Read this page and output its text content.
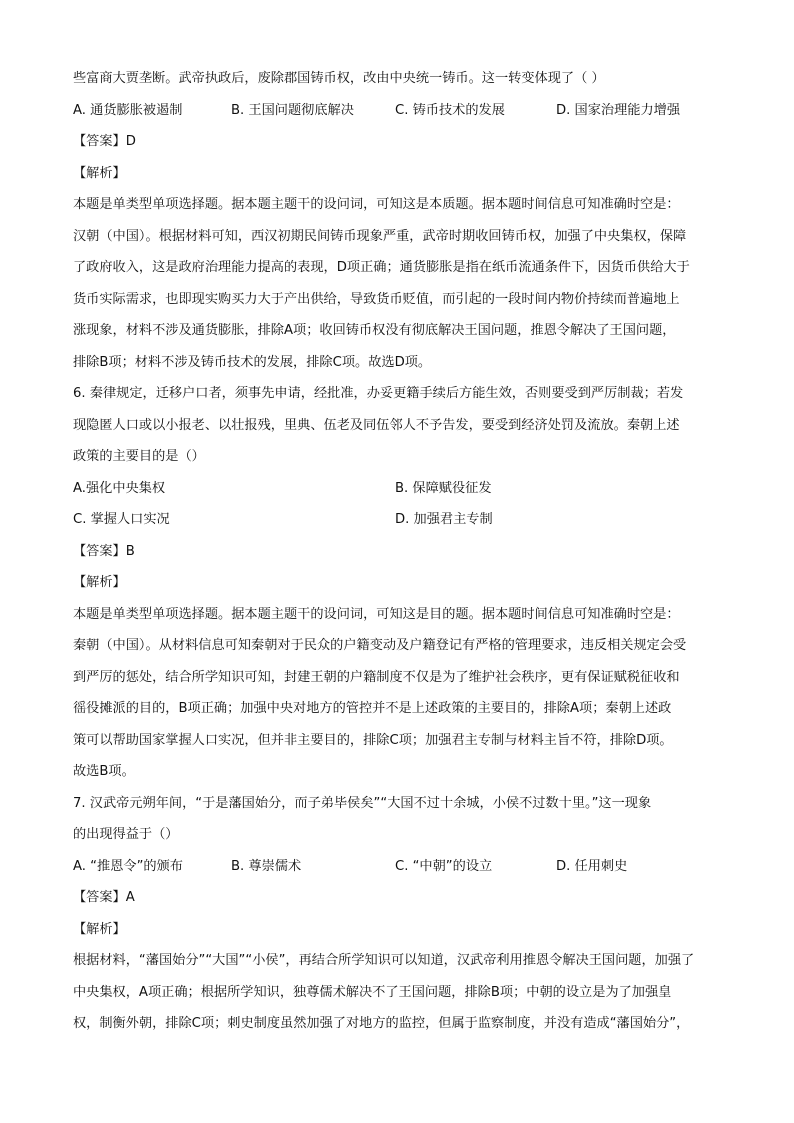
些富商大贾垄断。武帝执政后，废除郡国铸币权，改由中央统一铸币。这一转变体现了（ ）
A. 通货膨胀被遏制	B. 王国问题彻底解决	C. 铸币技术的发展	D. 国家治理能力增强
【答案】D
【解析】
本题是单类型单项选择题。据本题主题干的设问词，可知这是本质题。据本题时间信息可知准确时空是：
汉朝（中国）。根据材料可知，西汉初期民间铸币现象严重，武帝时期收回铸币权，加强了中央集权，保障
了政府收入，这是政府治理能力提高的表现，D项正确；通货膨胀是指在纸币流通条件下，因货币供给大于
货币实际需求，也即现实购买力大于产出供给，导致货币贬值，而引起的一段时间内物价持续而普遍地上
涨现象，材料不涉及通货膨胀，排除A项；收回铸币权没有彻底解决王国问题，推恩令解决了王国问题，
排除B项；材料不涉及铸币技术的发展，排除C项。故选D项。
6. 秦律规定，迁移户口者，须事先申请，经批准，办妥更籍手续后方能生效，否则要受到严厉制裁；若发
现隐匿人口或以小报老、以壮报残，里典、伍老及同伍邻人不予告发，要受到经济处罚及流放。秦朝上述
政策的主要目的是（）
A.强化中央集权	B. 保障赋役征发
C. 掌握人口实况	D. 加强君主专制
【答案】B
【解析】
本题是单类型单项选择题。据本题主题干的设问词，可知这是目的题。据本题时间信息可知准确时空是：
秦朝（中国）。从材料信息可知秦朝对于民众的户籍变动及户籍登记有严格的管理要求，违反相关规定会受
到严厉的惩处，结合所学知识可知，封建王朝的户籍制度不仅是为了维护社会秩序，更有保证赋税征收和
徭役摊派的目的，B项正确；加强中央对地方的管控并不是上述政策的主要目的，排除A项；秦朝上述政
策可以帮助国家掌握人口实况，但并非主要目的，排除C项；加强君主专制与材料主旨不符，排除D项。
故选B项。
7. 汉武帝元朔年间，“于是藩国始分，而子弟毕侯矣”“大国不过十余城，小侯不过数十里。”这一现象
的出现得益于（）
A. “推恩令”的颁布	B. 尊崇儒术	C. “中朝”的设立	D. 任用刺史
【答案】A
【解析】
根据材料，“藩国始分”“大国”“小侯”，再结合所学知识可以知道，汉武帝利用推恩令解决王国问题，加强了
中央集权，A项正确；根据所学知识，独尊儒术解决不了王国问题，排除B项；中朝的设立是为了加强皇
权，制衡外朝，排除C项；刺史制度虽然加强了对地方的监控，但属于监察制度，并没有造成“藩国始分”，
